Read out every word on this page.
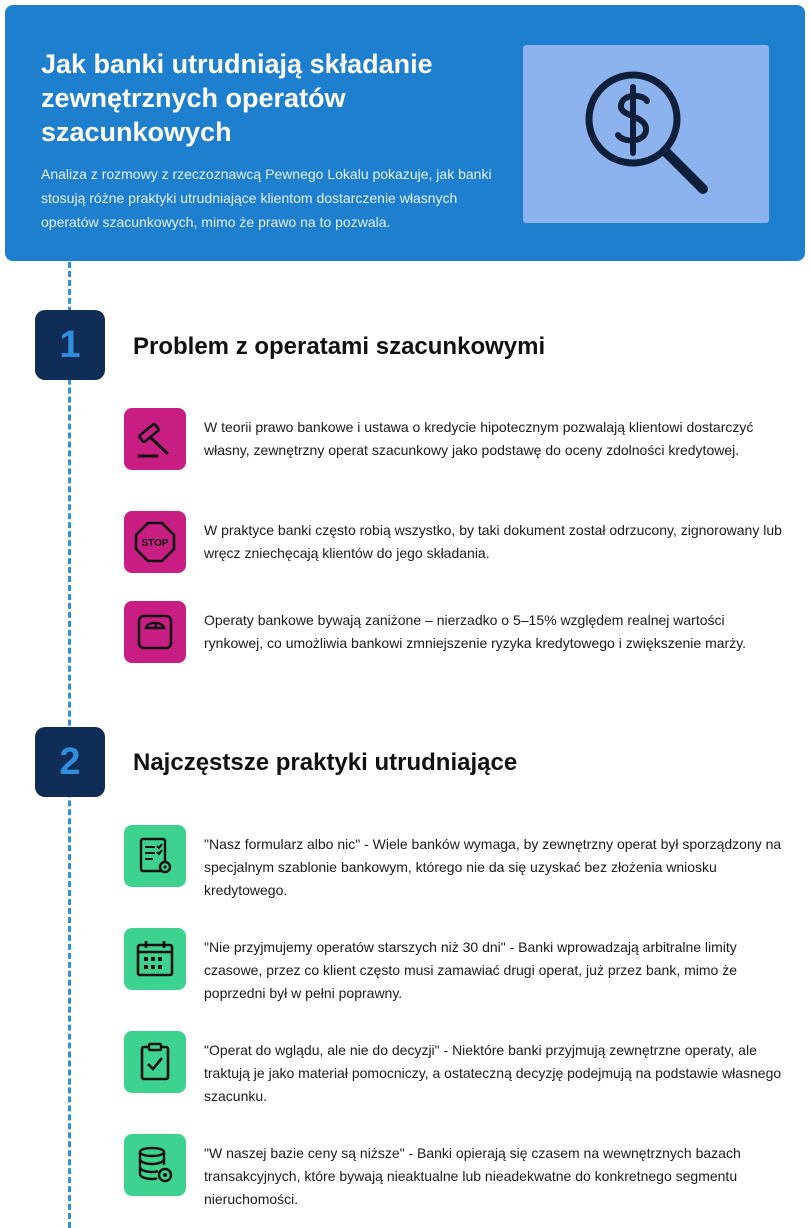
Jak banki utrudniają składanie zewnętrznych operatów szacunkowych

Analiza z rozmowy z rzeczoznawcą Pewnego Lokalu pokazuje, jak banki stosują różne praktyki utrudniające klientom dostarczenie własnych operatów szacunkowych, mimo że prawo na to pozwala.

1	Problem z operatami szacunkowymi

W teorii prawo bankowe i ustawa o kredycie hipotecznym pozwalają klientowi dostarczyć własny, zewnętrzny operat szacunkowy jako podstawę do oceny zdolności kredytowej.

STOP

W praktyce banki często robią wszystko, by taki dokument został odrzucony, zignorowany lub wręcz zniechęcają klientów do jego składania.

Operaty bankowe bywają zaniżone – nierzadko o 5–15% względem realnej wartości rynkowej, co umożliwia bankowi zmniejszenie ryzyka kredytowego i zwiększenie marży.

2	Najczęstsze praktyki utrudniające

"Nasz formularz albo nic" - Wiele banków wymaga, by zewnętrzny operat był sporządzony na specjalnym szablonie bankowym, którego nie da się uzyskać bez złożenia wniosku kredytowego.

"Nie przyjmujemy operatów starszych niż 30 dni" - Banki wprowadzają arbitralne limity czasowe, przez co klient często musi zamawiać drugi operat, już przez bank, mimo że poprzedni był w pełni poprawny.

"Operat do wglądu, ale nie do decyzji" - Niektóre banki przyjmują zewnętrzne operaty, ale traktują je jako materiał pomocniczy, a ostateczną decyzję podejmują na podstawie własnego szacunku.

"W naszej bazie ceny są niższe" - Banki opierają się czasem na wewnętrznych bazach transakcyjnych, które bywają nieaktualne lub nieadekwatne do konkretnego segmentu nieruchomości.
